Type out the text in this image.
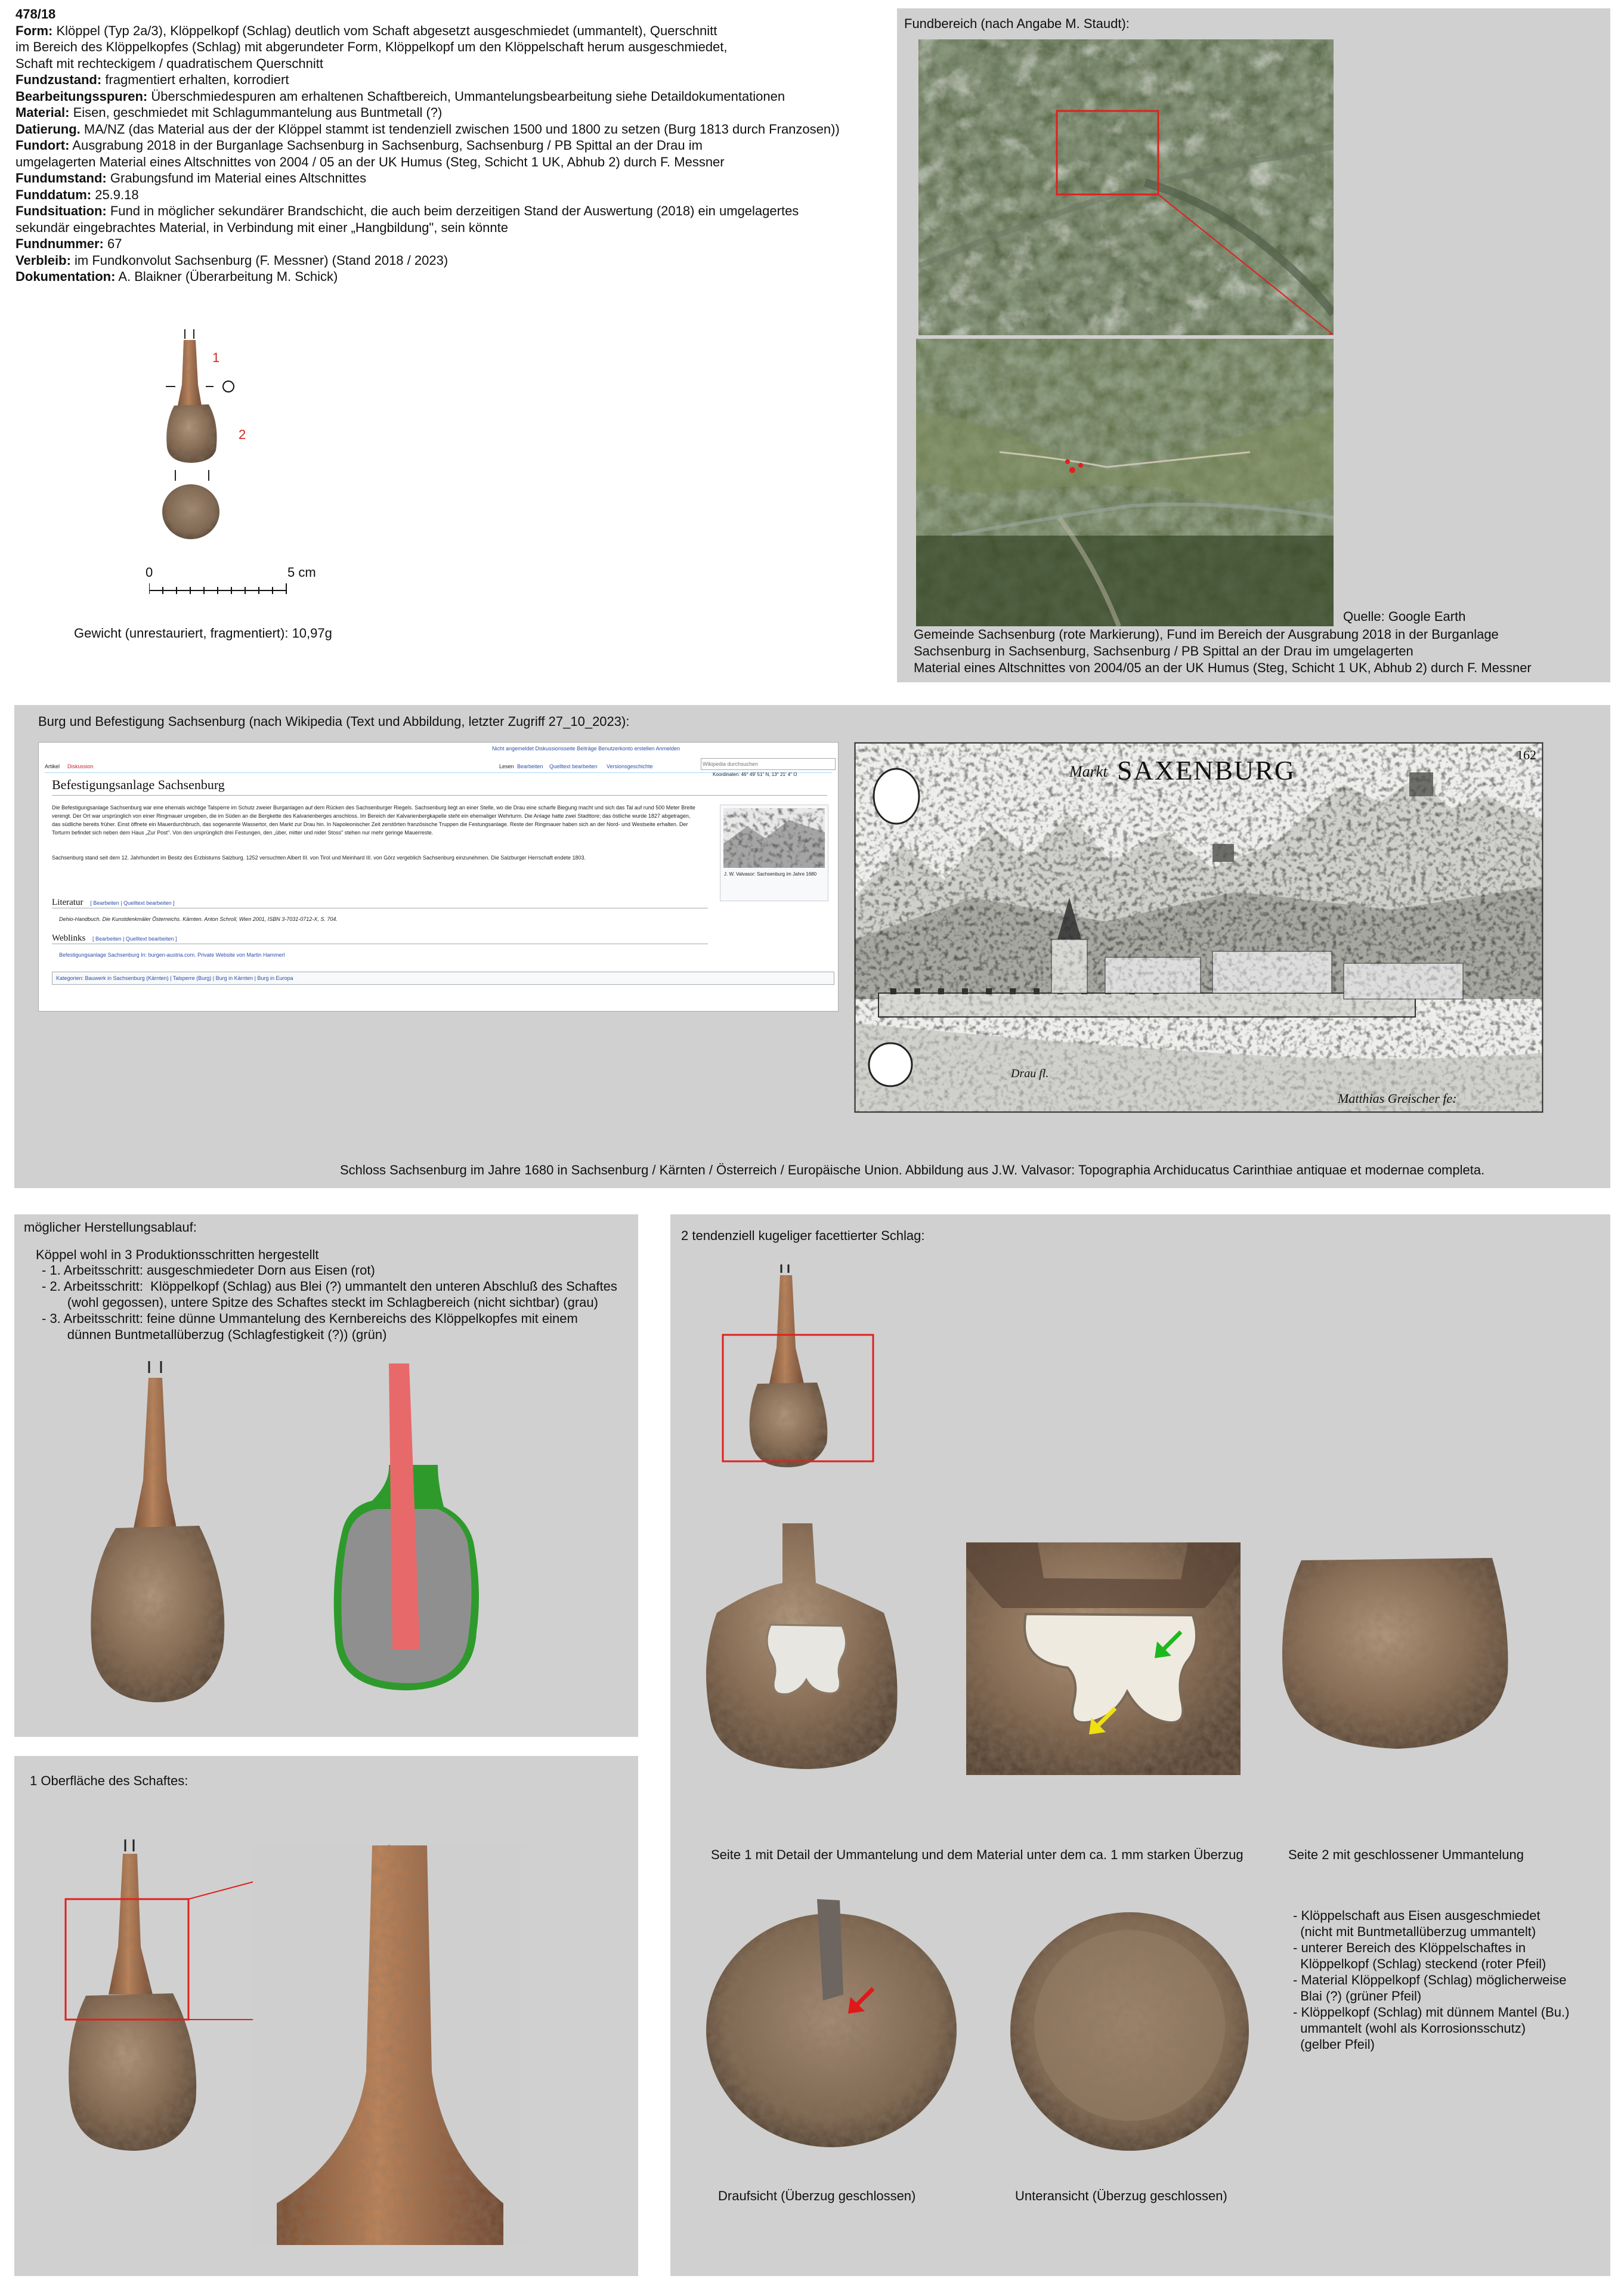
478/18
Form: Klöppel (Typ 2a/3), Klöppelkopf (Schlag) deutlich vom Schaft abgesetzt ausgeschmiedet (ummantelt), Querschnitt
im Bereich des Klöppelkopfes (Schlag) mit abgerundeter Form, Klöppelkopf um den Klöppelschaft herum ausgeschmiedet,
Schaft mit rechteckigem / quadratischem Querschnitt
Fundzustand: fragmentiert erhalten, korrodiert
Bearbeitungsspuren: Überschmiedespuren am erhaltenen Schaftbereich, Ummantelungsbearbeitung siehe Detaildokumentationen
Material: Eisen, geschmiedet mit Schlagummantelung aus Buntmetall (?)
Datierung. MA/NZ (das Material aus der der Klöppel stammt ist tendenziell zwischen 1500 und 1800 zu setzen (Burg 1813 durch Franzosen))
Fundort: Ausgrabung 2018 in der Burganlage Sachsenburg in Sachsenburg, Sachsenburg / PB Spittal an der Drau im
umgelagerten Material eines Altschnittes von 2004 / 05 an der UK Humus (Steg, Schicht 1 UK, Abhub 2) durch F. Messner
Fundumstand: Grabungsfund im Material eines Altschnittes
Funddatum: 25.9.18
Fundsituation: Fund in möglicher sekundärer Brandschicht, die auch beim derzeitigen Stand der Auswertung (2018) ein umgelagertes
sekundär eingebrachtes Material, in Verbindung mit einer „Hangbildung", sein könnte
Fundnummer: 67
Verbleib: im Fundkonvolut Sachsenburg (F. Messner) (Stand 2018 / 2023)
Dokumentation: A. Blaikner (Überarbeitung M. Schick)
1
2
0	5 cm
Gewicht (unrestauriert, fragmentiert): 10,97g
Fundbereich (nach Angabe M. Staudt):
Quelle: Google Earth
Gemeinde Sachsenburg (rote Markierung), Fund im Bereich der Ausgrabung 2018 in der Burganlage
Sachsenburg in Sachsenburg, Sachsenburg / PB Spittal an der Drau im umgelagerten
Material eines Altschnittes von 2004/05 an der UK Humus (Steg, Schicht 1 UK, Abhub 2) durch F. Messner
Burg und Befestigung Sachsenburg (nach Wikipedia (Text und Abbildung, letzter Zugriff 27_10_2023):
Nicht angemeldet Diskussionsseite Beiträge Benutzerkonto erstellen Anmelden
Artikel Diskussion	Lesen Bearbeiten Quelltext bearbeiten Versionsgeschichte
Wikipedia durchsuchen
Befestigungsanlage Sachsenburg
Koordinaten: 46° 49' 51" N, 13° 21' 4" O
Die Befestigungsanlage Sachsenburg war eine ehemals wichtige Talsperre im Schutz zweier Burganlagen auf dem Rücken des Sachsenburger Riegels. Sachsenburg liegt an einer Stelle, wo die Drau eine scharfe Biegung macht und sich das Tal auf rund 500 Meter Breite verengt. Der Ort war ursprünglich von einer Ringmauer umgeben, die im Süden an die Bergkette des Kalvarienberges anschloss. Im Bereich der Kalvarienbergkapelle steht ein ehemaliger Wehrturm. Die Anlage hatte zwei Stadttore; das östliche wurde 1827 abgetragen, das südliche bereits früher. Einst öffnete ein Mauerdurchbruch, das sogenannte Wassertor, den Markt zur Drau hin. In Napoleonischer Zeit zerstörten französische Truppen die Festungsanlage. Reste der Ringmauer haben sich an der Nord- und Westseite erhalten. Der Torturm befindet sich neben dem Haus „Zur Post". Von den ursprünglich drei Festungen, den „über, mitter und nider Stoss" stehen nur mehr geringe Mauerreste.
Sachsenburg stand seit dem 12. Jahrhundert im Besitz des Erzbistums Salzburg. 1252 versuchten Albert III. von Tirol und Meinhard III. von Görz vergeblich Sachsenburg einzunehmen. Die Salzburger Herrschaft endete 1803.
J. W. Valvasor: Sachsenburg im Jahre 1680
Literatur [ Bearbeiten | Quelltext bearbeiten ]
Dehio-Handbuch. Die Kunstdenkmäler Österreichs. Kärnten. Anton Schroll, Wien 2001, ISBN 3-7031-0712-X, S. 704.
Weblinks [ Bearbeiten | Quelltext bearbeiten ]
Befestigungsanlage Sachsenburg In: burgen-austria.com. Private Website von Martin Hammerl
Kategorien: Bauwerk in Sachsenburg (Kärnten) | Talsperre (Burg) | Burg in Kärnten | Burg in Europa
Markt SAXENBURG
162
Drau fl.
Matthias Greischer fe:
Schloss Sachsenburg im Jahre 1680 in Sachsenburg / Kärnten / Österreich / Europäische Union. Abbildung aus J.W. Valvasor: Topographia Archiducatus Carinthiae antiquae et modernae completa.
möglicher Herstellungsablauf:
Köppel wohl in 3 Produktionsschritten hergestellt
- 1. Arbeitsschritt: ausgeschmiedeter Dorn aus Eisen (rot)
- 2. Arbeitsschritt:  Klöppelkopf (Schlag) aus Blei (?) ummantelt den unteren Abschluß des Schaftes
(wohl gegossen), untere Spitze des Schaftes steckt im Schlagbereich (nicht sichtbar) (grau)
- 3. Arbeitsschritt: feine dünne Ummantelung des Kernbereichs des Klöppelkopfes mit einem
dünnen Buntmetallüberzug (Schlagfestigkeit (?)) (grün)
1 Oberfläche des Schaftes:
2 tendenziell kugeliger facettierter Schlag:
Seite 1 mit Detail der Ummantelung und dem Material unter dem ca. 1 mm starken Überzug	Seite 2 mit geschlossener Ummantelung
- Klöppelschaft aus Eisen ausgeschmiedet
(nicht mit Buntmetallüberzug ummantelt)
- unterer Bereich des Klöppelschaftes in
Klöppelkopf (Schlag) steckend (roter Pfeil)
- Material Klöppelkopf (Schlag) möglicherweise
Blai (?) (grüner Pfeil)
- Klöppelkopf (Schlag) mit dünnem Mantel (Bu.)
ummantelt (wohl als Korrosionsschutz)
(gelber Pfeil)
Draufsicht (Überzug geschlossen)	Unteransicht (Überzug geschlossen)
